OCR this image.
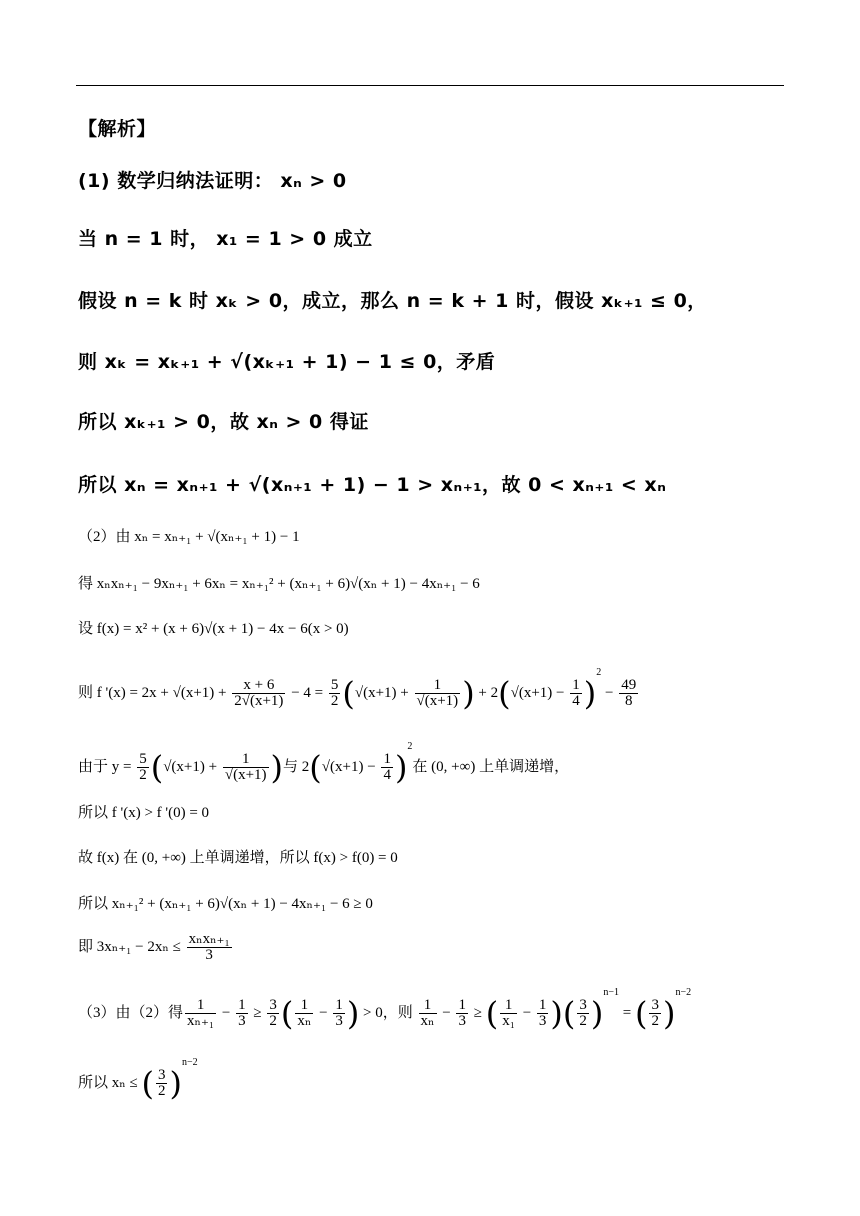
【解析】
(1) 数学归纳法证明： xₙ > 0
当 n = 1 时， x₁ = 1 > 0 成立
假设 n = k 时 xₖ > 0，成立，那么 n = k + 1 时，假设 xₖ₊₁ ≤ 0，
则 xₖ = xₖ₊₁ + √(xₖ₊₁ + 1) − 1 ≤ 0，矛盾
所以 xₖ₊₁ > 0，故 xₙ > 0 得证
所以 xₙ = xₙ₊₁ + √(xₙ₊₁ + 1) − 1 > xₙ₊₁，故 0 < xₙ₊₁ < xₙ
（2）由 xₙ = xₙ₊₁ + √(xₙ₊₁ + 1) − 1
得 xₙxₙ₊₁ − 9xₙ₊₁ + 6xₙ = xₙ₊₁² + (xₙ₊₁ + 6)√(xₙ + 1) − 4xₙ₊₁ − 6
设 f(x) = x² + (x + 6)√(x + 1) − 4x − 6(x > 0)
则 f '$(x) = 2x + √(x+1) + \frac{x + 6}{2√(x+1)} - 4 = \frac{5}{2} (√(x+1) + \frac{1}{√(x+1)}$ ) + $2(√(x+1) - \frac{1}{4} )^2 - \frac{49}{8}$
由于 $y = \frac{5}{2} (√(x+1) + \frac{1}{√(x+1)}$ )与 $2(√(x+1) - \frac{1}{4} )^2$在 (0, +∞) 上单调递增，
所以 f '(x) > f '(0) = 0
故 f(x) 在 (0, +∞) 上单调递增，所以 f(x) > f(0) = 0
所以 xₙ₊₁² + (xₙ₊₁ + 6)√(xₙ + 1) − 4xₙ₊₁ − 6 ≥ 0
即 $3x_{n+1} - 2x_n \le \frac{\text{xₙxₙ₊₁}}{3}$
（3）由（2）得 $\frac{1}{\text{xₙ₊₁}} - \frac{1}{3} \ge \frac{3}{2}$ ( $\frac{1}{\text{xₙ}} - \frac{1}{3}$ ) > 0，则 $\frac{1}{\text{xₙ}} - \frac{1}{3}$ ≥ ( $\frac{1}{\text{x₁}} - \frac{1}{3}$ )( $\frac{3}{2} )^{n-1}$ = ( $\frac{3}{2} )^{n-2}$
所以 xₙ ≤ ( $\frac{3}{2} )^{n-2}$
